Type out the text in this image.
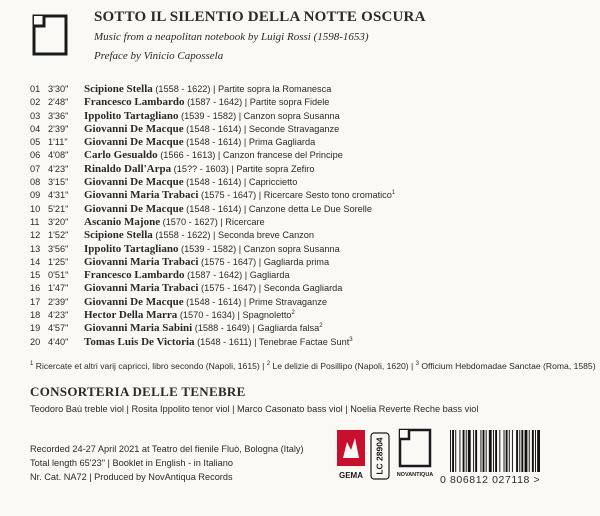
SOTTO IL SILENTIO DELLA NOTTE OSCURA
Music from a neapolitan notebook by Luigi Rossi (1598-1653)
Preface by Vinicio Capossela
01 3'30" Scipione Stella (1558 - 1622) | Partite sopra la Romanesca
02 2'48" Francesco Lambardo (1587 - 1642) | Partite sopra Fidele
03 3'36" Ippolito Tartagliano (1539 - 1582) | Canzon sopra Susanna
04 2'39" Giovanni De Macque (1548 - 1614) | Seconde Stravaganze
05 1'11" Giovanni De Macque (1548 - 1614) | Prima Gagliarda
06 4'08" Carlo Gesualdo (1566 - 1613) | Canzon francese del Principe
07 4'23" Rinaldo Dall'Arpa (15?? - 1603) | Partite sopra Zefiro
08 3'15" Giovanni De Macque (1548 - 1614) | Capriccietto
09 4'31" Giovanni Maria Trabaci (1575 - 1647) | Ricercare Sesto tono cromatico$^1$
10 5'21" Giovanni De Macque (1548 - 1614) | Canzone detta Le Due Sorelle
11 3'20" Ascanio Majone (1570 - 1627) | Ricercare
12 1'52" Scipione Stella (1558 - 1622) | Seconda breve Canzon
13 3'56" Ippolito Tartagliano (1539 - 1582) | Canzon sopra Susanna
14 1'25" Giovanni Maria Trabaci (1575 - 1647) | Gagliarda prima
15 0'51" Francesco Lambardo (1587 - 1642) | Gagliarda
16 1'47" Giovanni Maria Trabaci (1575 - 1647) | Seconda Gagliarda
17 2'39" Giovanni De Macque (1548 - 1614) | Prime Stravaganze
18 4'23" Hector Della Marra (1570 - 1634) | Spagnoletto$^2$
19 4'57" Giovanni Maria Sabini (1588 - 1649) | Gagliarda falsa$^2$
20 4'40" Tomas Luis De Victoria (1548 - 1611) | Tenebrae Factae Sunt$^3$
$^1$ Ricercate et altri varij capricci, libro secondo (Napoli, 1615) | $^2$ Le delizie di Posillipo (Napoli, 1620) | $^3$ Officium Hebdomadae Sanctae (Roma, 1585)
CONSORTERIA DELLE TENEBRE
Teodoro Baù treble viol | Rosita Ippolito tenor viol | Marco Casonato bass viol | Noelia Reverte Reche bass viol
Recorded 24-27 April 2021 at Teatro del fienile Fluò, Bologna (Italy)
Total length 65'23" | Booklet in English - in Italiano
Nr. Cat. NA72 | Produced by NovAntiqua Records	GEMA
LC 28904
NOVANTIQUA 0 806812 027118 >
